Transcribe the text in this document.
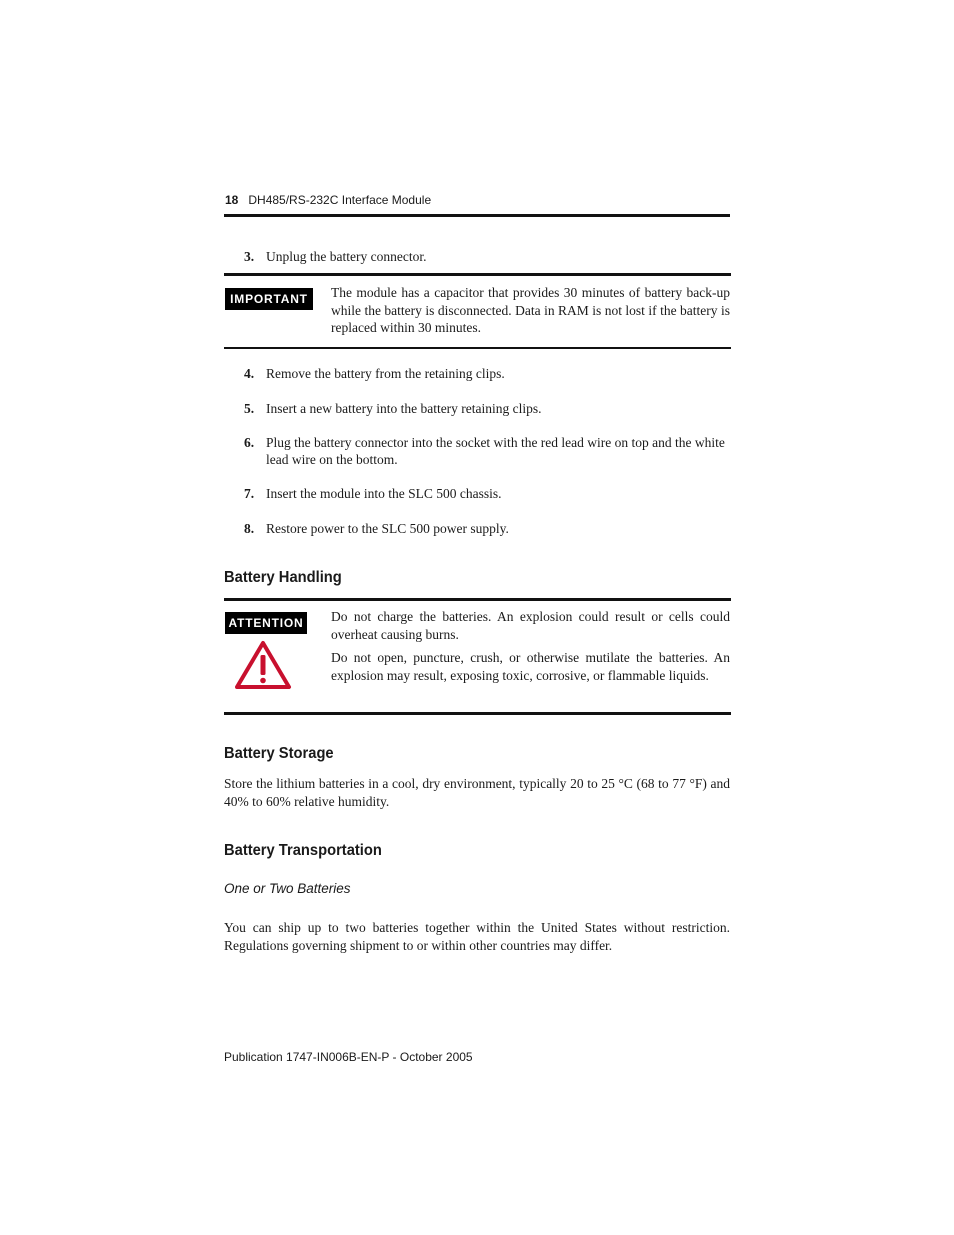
18 DH485/RS-232C Interface Module
3. Unplug the battery connector.
IMPORTANT	The module has a capacitor that provides 30 minutes of battery back-up while the battery is disconnected. Data in RAM is not lost if the battery is replaced within 30 minutes.
4. Remove the battery from the retaining clips.
5. Insert a new battery into the battery retaining clips.
6. Plug the battery connector into the socket with the red lead wire on top and the white lead wire on the bottom.
7. Insert the module into the SLC 500 chassis.
8. Restore power to the SLC 500 power supply.
Battery Handling
ATTENTION Do not charge the batteries. An explosion could result or cells could overheat causing burns.
Do not open, puncture, crush, or otherwise mutilate the batteries. An explosion may result, exposing toxic, corrosive, or flammable liquids.
Battery Storage
Store the lithium batteries in a cool, dry environment, typically 20 to 25 °C (68 to 77 °F) and 40% to 60% relative humidity.
Battery Transportation
One or Two Batteries
You can ship up to two batteries together within the United States without restriction. Regulations governing shipment to or within other countries may differ.
Publication 1747-IN006B-EN-P - October 2005
